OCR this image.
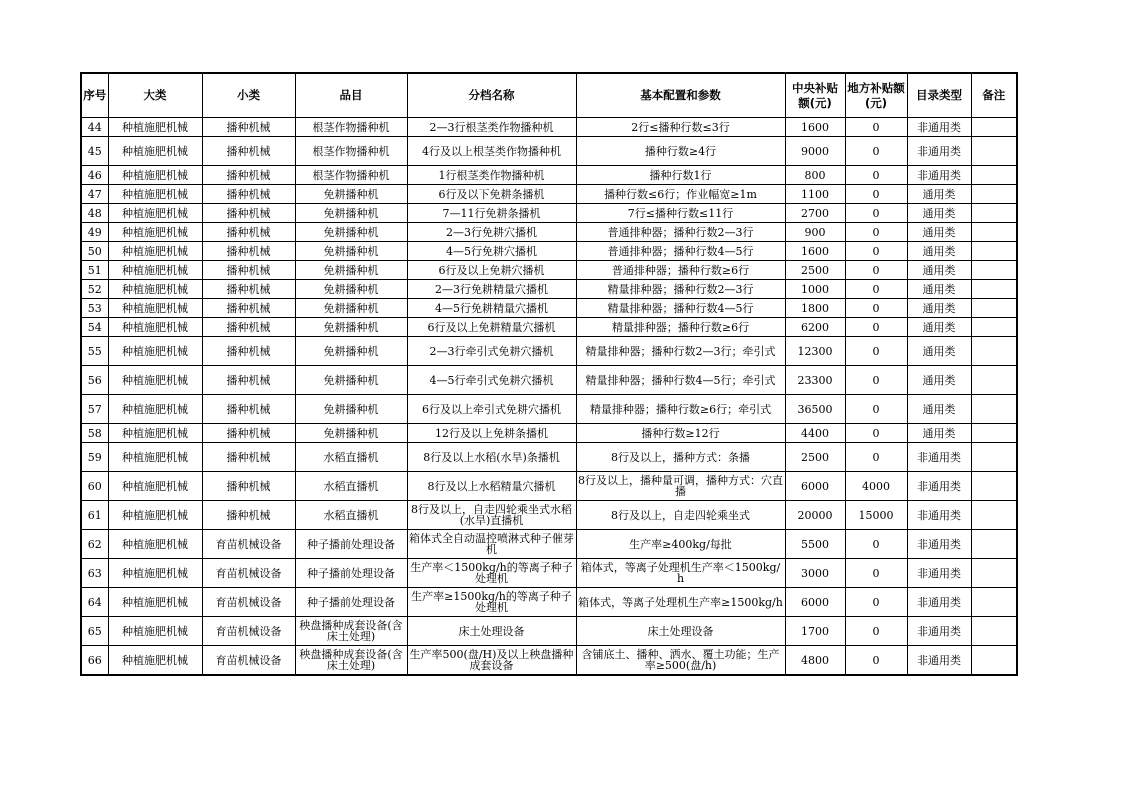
序号	大类	小类	品目	分档名称	基本配置和参数	中央补贴额(元)	地方补贴额(元)	目录类型	备注
44	种植施肥机械	播种机械	根茎作物播种机	2—3行根茎类作物播种机	2行≤播种行数≤3行	1600	0	非通用类	
45	种植施肥机械	播种机械	根茎作物播种机	4行及以上根茎类作物播种机	播种行数≥4行	9000	0	非通用类	
46	种植施肥机械	播种机械	根茎作物播种机	1行根茎类作物播种机	播种行数1行	800	0	非通用类	
47	种植施肥机械	播种机械	免耕播种机	6行及以下免耕条播机	播种行数≤6行；作业幅宽≥1m	1100	0	通用类	
48	种植施肥机械	播种机械	免耕播种机	7—11行免耕条播机	7行≤播种行数≤11行	2700	0	通用类	
49	种植施肥机械	播种机械	免耕播种机	2—3行免耕穴播机	普通排种器；播种行数2—3行	900	0	通用类	
50	种植施肥机械	播种机械	免耕播种机	4—5行免耕穴播机	普通排种器；播种行数4—5行	1600	0	通用类	
51	种植施肥机械	播种机械	免耕播种机	6行及以上免耕穴播机	普通排种器；播种行数≥6行	2500	0	通用类	
52	种植施肥机械	播种机械	免耕播种机	2—3行免耕精量穴播机	精量排种器；播种行数2—3行	1000	0	通用类	
53	种植施肥机械	播种机械	免耕播种机	4—5行免耕精量穴播机	精量排种器；播种行数4—5行	1800	0	通用类	
54	种植施肥机械	播种机械	免耕播种机	6行及以上免耕精量穴播机	精量排种器；播种行数≥6行	6200	0	通用类	
55	种植施肥机械	播种机械	免耕播种机	2—3行牵引式免耕穴播机	精量排种器；播种行数2—3行；牵引式	12300	0	通用类	
56	种植施肥机械	播种机械	免耕播种机	4—5行牵引式免耕穴播机	精量排种器；播种行数4—5行；牵引式	23300	0	通用类	
57	种植施肥机械	播种机械	免耕播种机	6行及以上牵引式免耕穴播机	精量排种器；播种行数≥6行；牵引式	36500	0	通用类	
58	种植施肥机械	播种机械	免耕播种机	12行及以上免耕条播机	播种行数≥12行	4400	0	通用类	
59	种植施肥机械	播种机械	水稻直播机	8行及以上水稻(水旱)条播机	8行及以上，播种方式：条播	2500	0	非通用类	
60	种植施肥机械	播种机械	水稻直播机	8行及以上水稻精量穴播机	8行及以上，播种量可调，播种方式：穴直播	6000	4000	非通用类	
61	种植施肥机械	播种机械	水稻直播机	8行及以上，自走四轮乘坐式水稻(水旱)直播机	8行及以上，自走四轮乘坐式	20000	15000	非通用类	
62	种植施肥机械	育苗机械设备	种子播前处理设备	箱体式全自动温控喷淋式种子催芽机	生产率≥400kg/每批	5500	0	非通用类	
63	种植施肥机械	育苗机械设备	种子播前处理设备	生产率＜1500kg/h的等离子种子处理机	箱体式，等离子处理机生产率＜1500kg/h	3000	0	非通用类	
64	种植施肥机械	育苗机械设备	种子播前处理设备	生产率≥1500kg/h的等离子种子处理机	箱体式，等离子处理机生产率≥1500kg/h	6000	0	非通用类	
65	种植施肥机械	育苗机械设备	秧盘播种成套设备(含床土处理)	床土处理设备	床土处理设备	1700	0	非通用类	
66	种植施肥机械	育苗机械设备	秧盘播种成套设备(含床土处理)	生产率500(盘/H)及以上秧盘播种成套设备	含铺底土、播种、洒水、覆土功能；生产率≥500(盘/h)	4800	0	非通用类	
